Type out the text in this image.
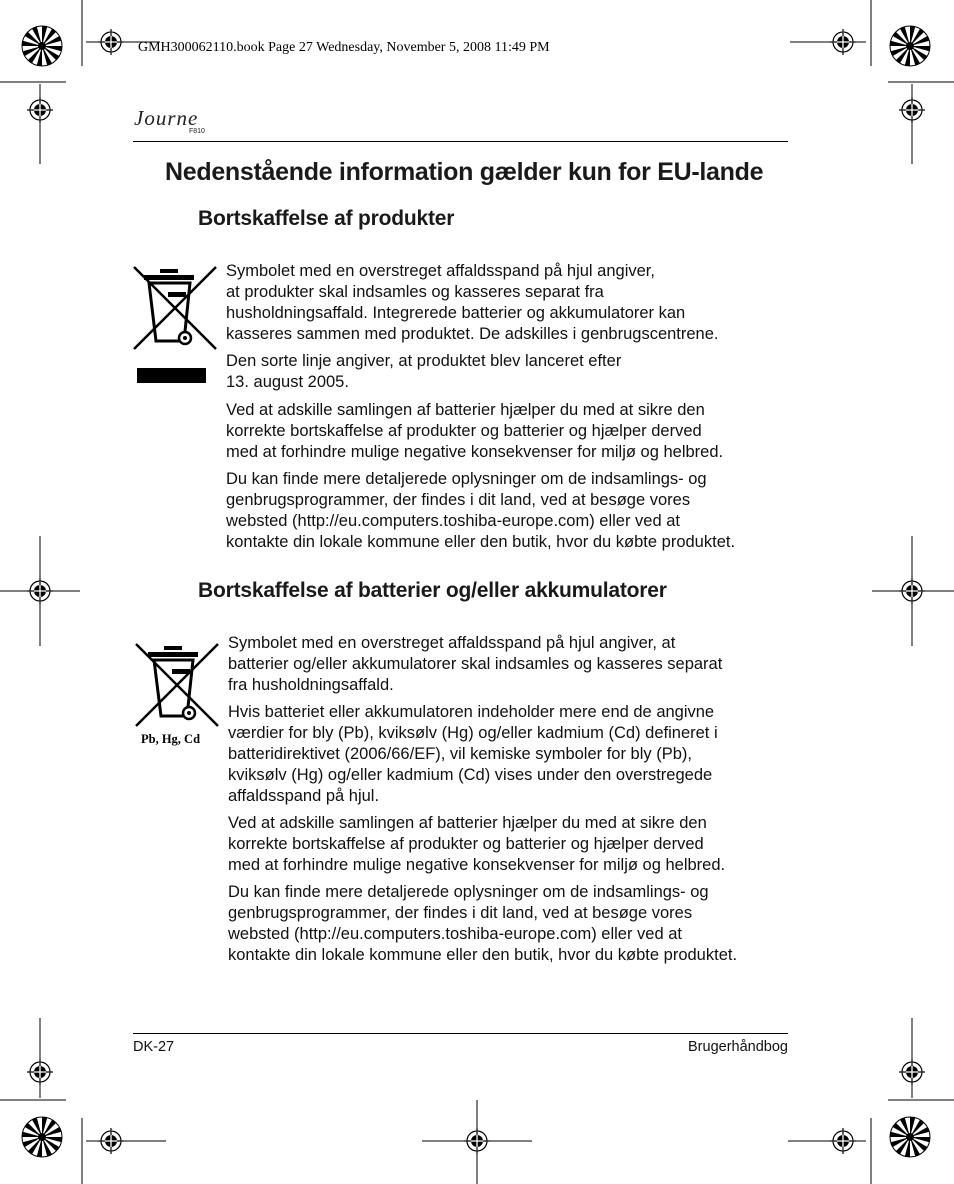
GMH300062110.book Page 27 Wednesday, November 5, 2008 11:49 PM
Journe
F810
Nedenstående information gælder kun for EU-lande
Bortskaffelse af produkter

Symbolet med en overstreget affaldsspand på hjul angiver,
at produkter skal indsamles og kasseres separat fra
husholdningsaffald. Integrerede batterier og akkumulatorer kan
kasseres sammen med produktet. De adskilles i genbrugscentrene.

Den sorte linje angiver, at produktet blev lanceret efter
13. august 2005.

Ved at adskille samlingen af batterier hjælper du med at sikre den
korrekte bortskaffelse af produkter og batterier og hjælper derved
med at forhindre mulige negative konsekvenser for miljø og helbred.

Du kan finde mere detaljerede oplysninger om de indsamlings- og
genbrugsprogrammer, der findes i dit land, ved at besøge vores
websted (http://eu.computers.toshiba-europe.com) eller ved at
kontakte din lokale kommune eller den butik, hvor du købte produktet.

Bortskaffelse af batterier og/eller akkumulatorer
Pb, Hg, Cd

Symbolet med en overstreget affaldsspand på hjul angiver, at
batterier og/eller akkumulatorer skal indsamles og kasseres separat
fra husholdningsaffald.

Hvis batteriet eller akkumulatoren indeholder mere end de angivne
værdier for bly (Pb), kviksølv (Hg) og/eller kadmium (Cd) defineret i
batteridirektivet (2006/66/EF), vil kemiske symboler for bly (Pb),
kviksølv (Hg) og/eller kadmium (Cd) vises under den overstregede
affaldsspand på hjul.

Ved at adskille samlingen af batterier hjælper du med at sikre den
korrekte bortskaffelse af produkter og batterier og hjælper derved
med at forhindre mulige negative konsekvenser for miljø og helbred.

Du kan finde mere detaljerede oplysninger om de indsamlings- og
genbrugsprogrammer, der findes i dit land, ved at besøge vores
websted (http://eu.computers.toshiba-europe.com) eller ved at
kontakte din lokale kommune eller den butik, hvor du købte produktet.

DK-27	Brugerhåndbog
